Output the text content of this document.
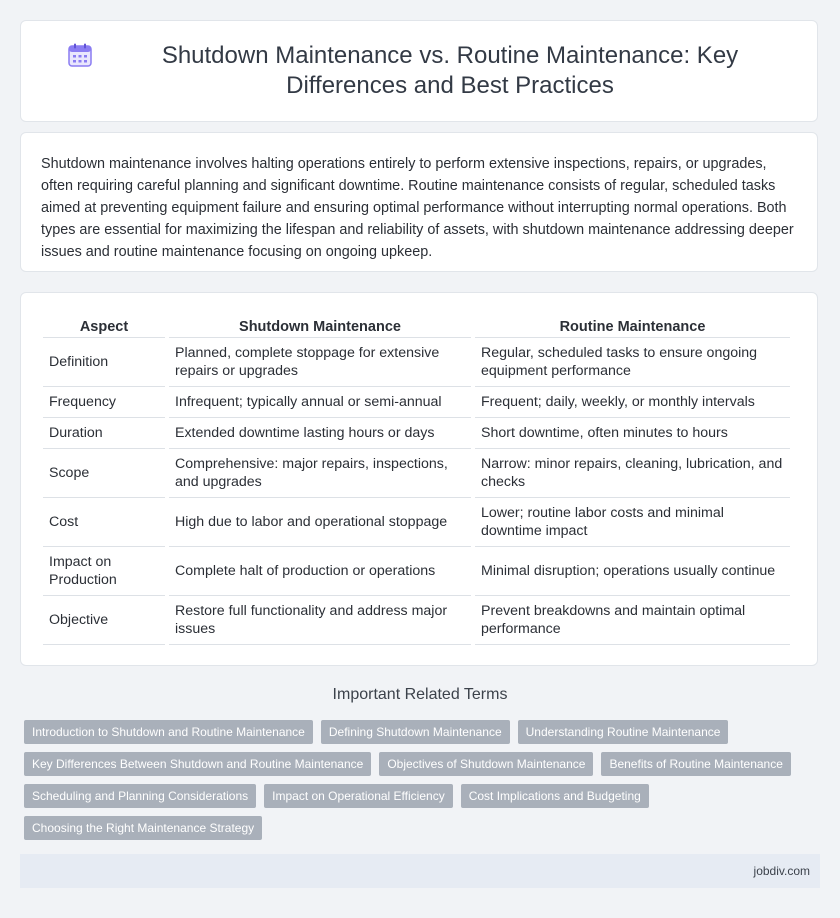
Shutdown Maintenance vs. Routine Maintenance: Key Differences and Best Practices

Shutdown maintenance involves halting operations entirely to perform extensive inspections, repairs, or upgrades, often requiring careful planning and significant downtime. Routine maintenance consists of regular, scheduled tasks aimed at preventing equipment failure and ensuring optimal performance without interrupting normal operations. Both types are essential for maximizing the lifespan and reliability of assets, with shutdown maintenance addressing deeper issues and routine maintenance focusing on ongoing upkeep.

Aspect	Shutdown Maintenance	Routine Maintenance
Definition	Planned, complete stoppage for extensive repairs or upgrades	Regular, scheduled tasks to ensure ongoing equipment performance
Frequency	Infrequent; typically annual or semi-annual	Frequent; daily, weekly, or monthly intervals
Duration	Extended downtime lasting hours or days	Short downtime, often minutes to hours
Scope	Comprehensive: major repairs, inspections, and upgrades	Narrow: minor repairs, cleaning, lubrication, and checks
Cost	High due to labor and operational stoppage	Lower; routine labor costs and minimal downtime impact
Impact on Production	Complete halt of production or operations	Minimal disruption; operations usually continue
Objective	Restore full functionality and address major issues	Prevent breakdowns and maintain optimal performance
Important Related Terms
Introduction to Shutdown and Routine Maintenance	Defining Shutdown Maintenance	Understanding Routine Maintenance
Key Differences Between Shutdown and Routine Maintenance	Objectives of Shutdown Maintenance	Benefits of Routine Maintenance
Scheduling and Planning Considerations	Impact on Operational Efficiency	Cost Implications and Budgeting
Choosing the Right Maintenance Strategy
jobdiv.com
